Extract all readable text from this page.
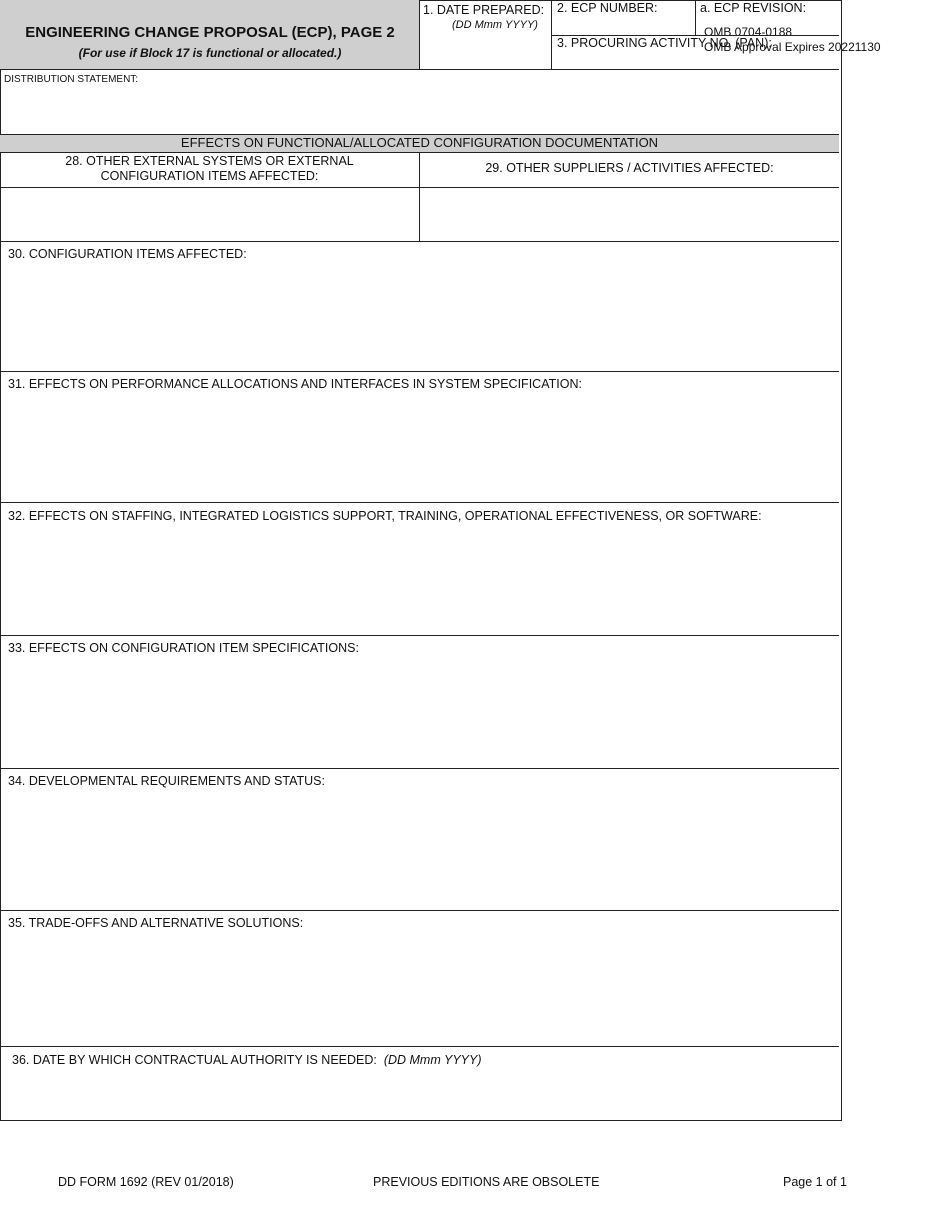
OMB 0704-0188
OMB Approval Expires 20221130
ENGINEERING CHANGE PROPOSAL (ECP), PAGE 2
(For use if Block 17 is functional or allocated.)
1. DATE PREPARED:
(DD Mmm YYYY)
2. ECP NUMBER:	a. ECP REVISION:
3. PROCURING ACTIVITY NO. (PAN):
DISTRIBUTION STATEMENT:
EFFECTS ON FUNCTIONAL/ALLOCATED CONFIGURATION DOCUMENTATION
28. OTHER EXTERNAL SYSTEMS OR EXTERNAL
CONFIGURATION ITEMS AFFECTED:
29. OTHER SUPPLIERS / ACTIVITIES AFFECTED:
30. CONFIGURATION ITEMS AFFECTED:
31. EFFECTS ON PERFORMANCE ALLOCATIONS AND INTERFACES IN SYSTEM SPECIFICATION:
32. EFFECTS ON STAFFING, INTEGRATED LOGISTICS SUPPORT, TRAINING, OPERATIONAL EFFECTIVENESS, OR SOFTWARE:
33. EFFECTS ON CONFIGURATION ITEM SPECIFICATIONS:
34. DEVELOPMENTAL REQUIREMENTS AND STATUS:
35. TRADE-OFFS AND ALTERNATIVE SOLUTIONS:
36. DATE BY WHICH CONTRACTUAL AUTHORITY IS NEEDED: (DD Mmm YYYY)
DD FORM 1692 (REV 01/2018)	PREVIOUS EDITIONS ARE OBSOLETE	Page 1 of 1
